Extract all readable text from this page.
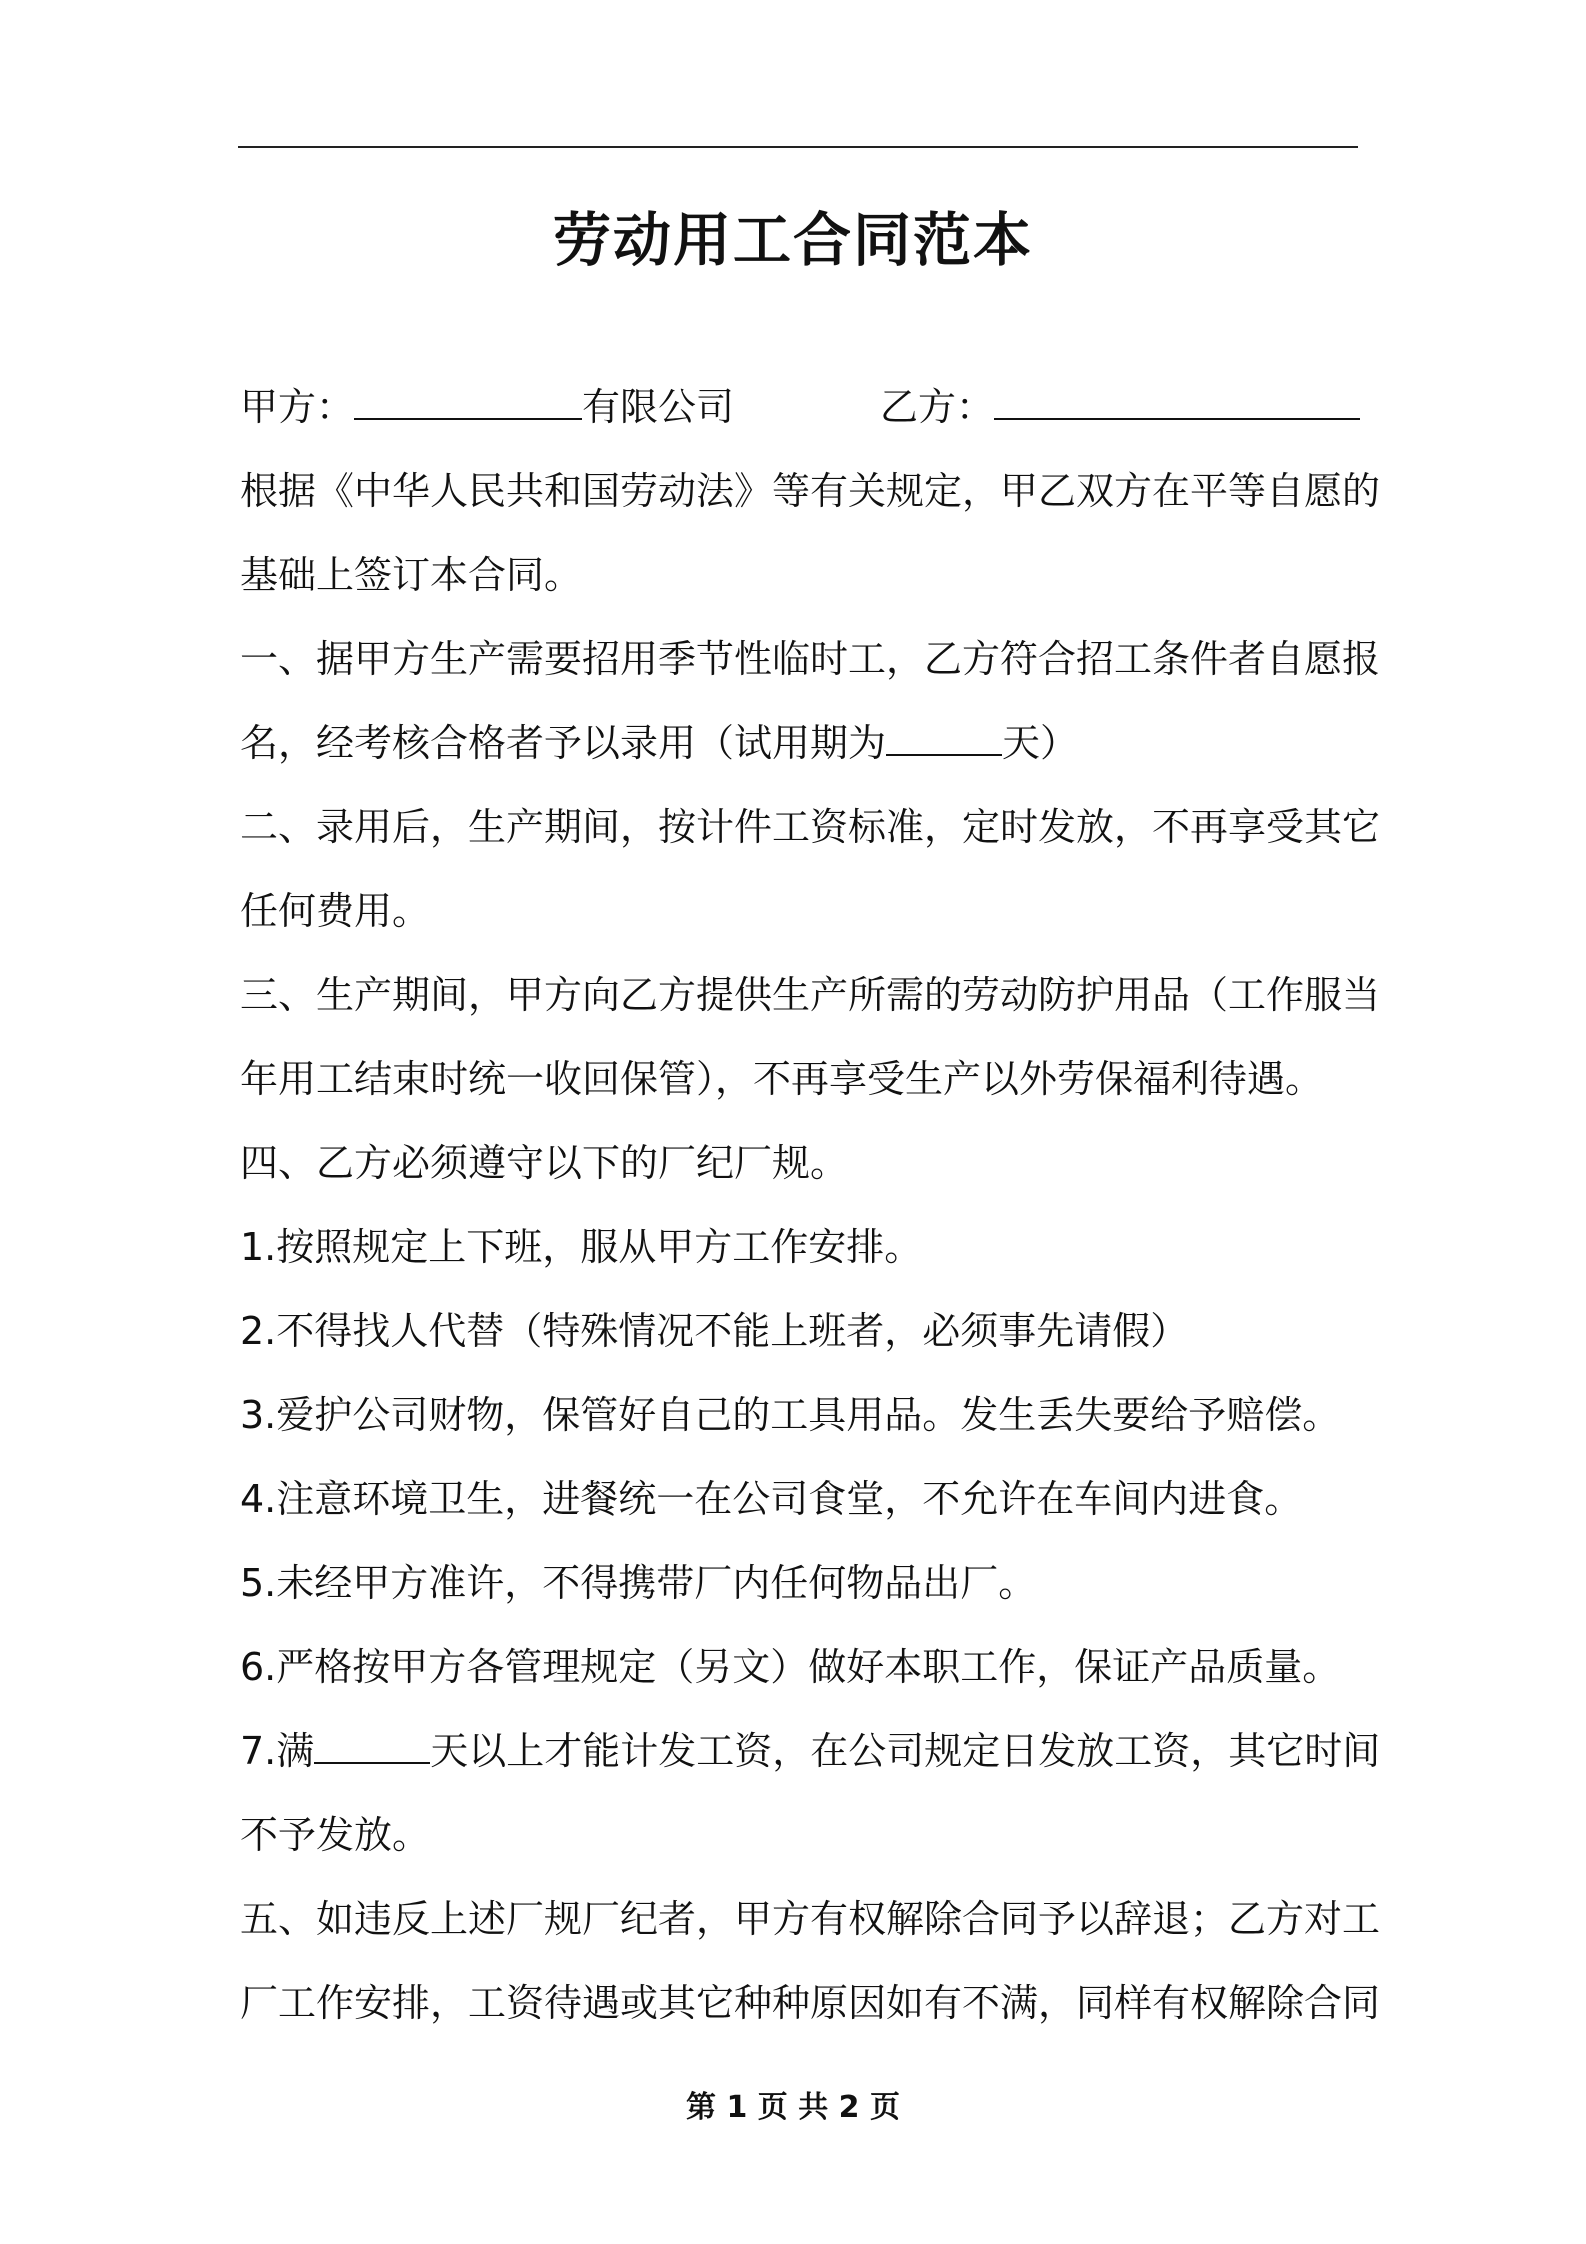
劳动用工合同范本
甲方：	有限公司	乙方：
根据《中华人民共和国劳动法》等有关规定，甲乙双方在平等自愿的
基础上签订本合同。
一、据甲方生产需要招用季节性临时工，乙方符合招工条件者自愿报
名，经考核合格者予以录用（试用期为	天）
二、录用后，生产期间，按计件工资标准，定时发放，不再享受其它
任何费用。
三、生产期间，甲方向乙方提供生产所需的劳动防护用品（工作服当
年用工结束时统一收回保管），不再享受生产以外劳保福利待遇。
四、乙方必须遵守以下的厂纪厂规。
1.按照规定上下班，服从甲方工作安排。
2.不得找人代替（特殊情况不能上班者，必须事先请假）
3.爱护公司财物，保管好自己的工具用品。发生丢失要给予赔偿。
4.注意环境卫生，进餐统一在公司食堂，不允许在车间内进食。
5.未经甲方准许，不得携带厂内任何物品出厂。
6.严格按甲方各管理规定（另文）做好本职工作，保证产品质量。
7.满	天以上才能计发工资，在公司规定日发放工资，其它时间
不予发放。
五、如违反上述厂规厂纪者，甲方有权解除合同予以辞退；乙方对工
厂工作安排，工资待遇或其它种种原因如有不满，同样有权解除合同
第 1 页 共 2 页
